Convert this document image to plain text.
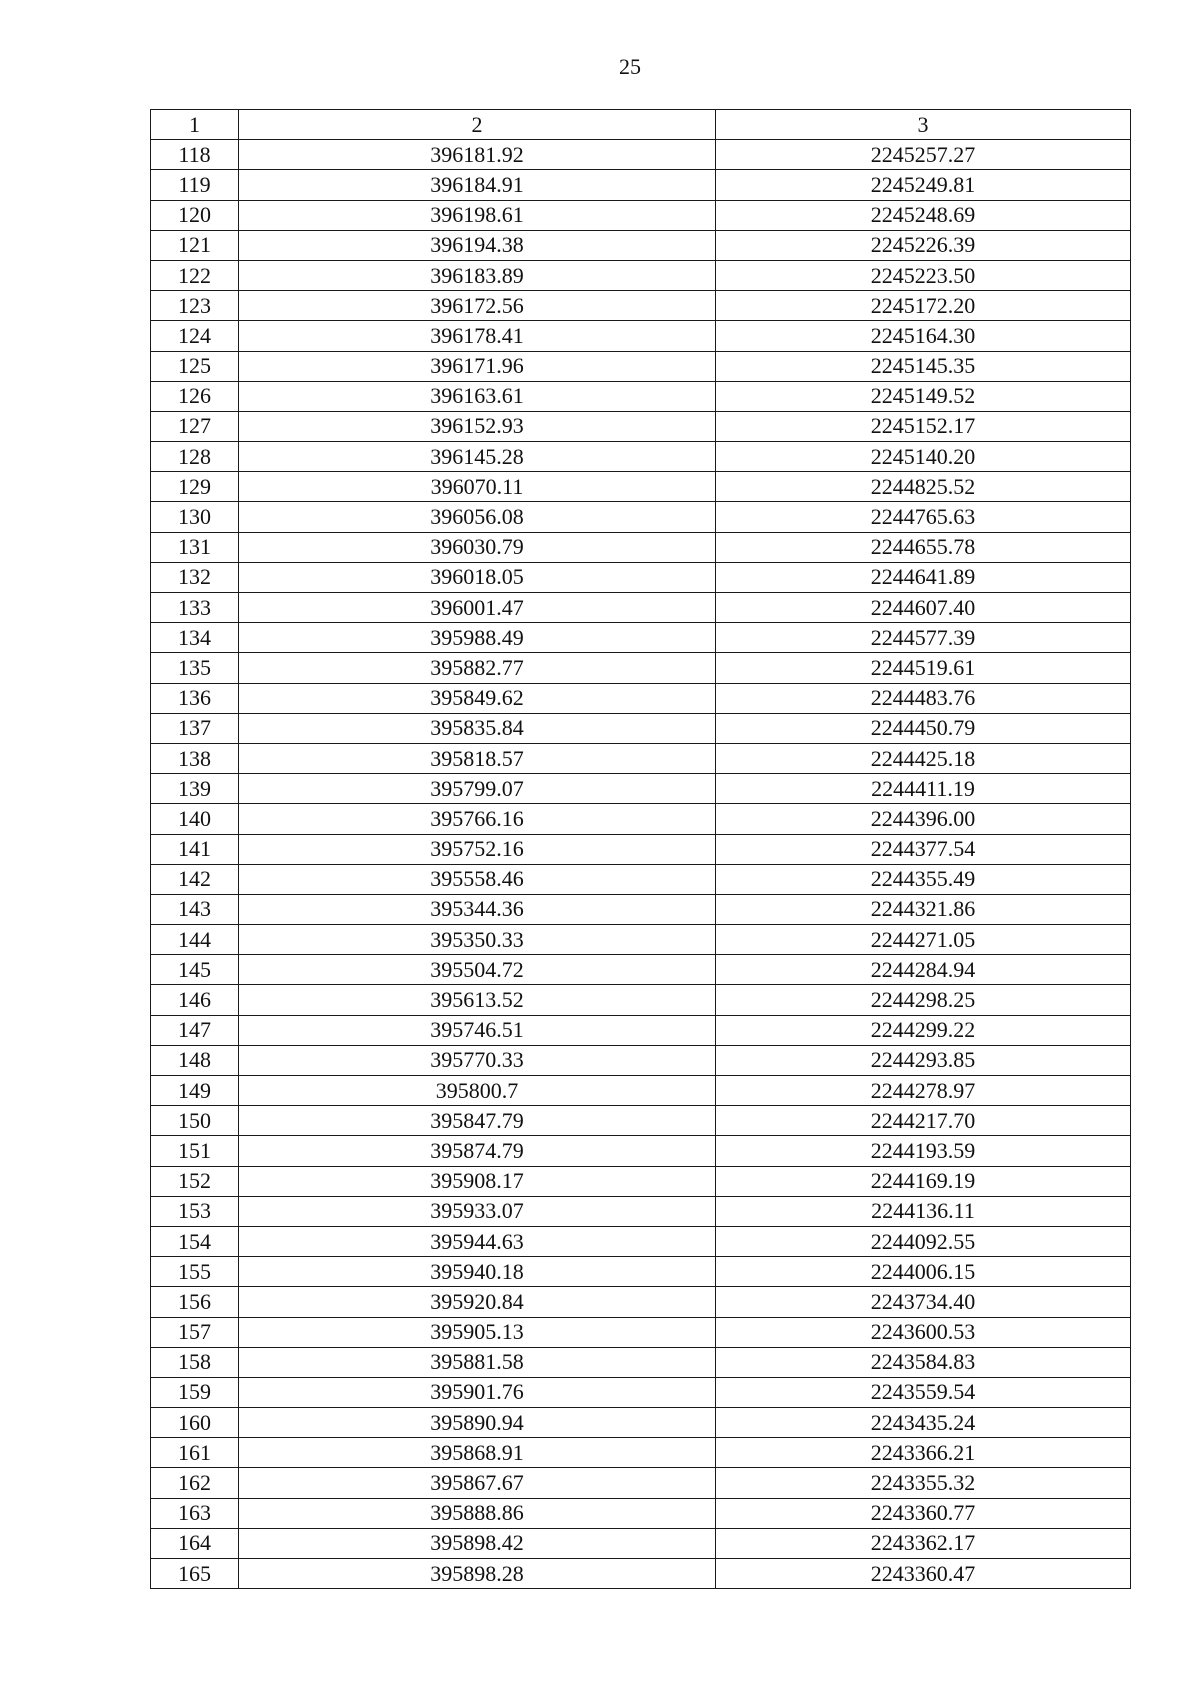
25
1	2	3
118	396181.92	2245257.27
119	396184.91	2245249.81
120	396198.61	2245248.69
121	396194.38	2245226.39
122	396183.89	2245223.50
123	396172.56	2245172.20
124	396178.41	2245164.30
125	396171.96	2245145.35
126	396163.61	2245149.52
127	396152.93	2245152.17
128	396145.28	2245140.20
129	396070.11	2244825.52
130	396056.08	2244765.63
131	396030.79	2244655.78
132	396018.05	2244641.89
133	396001.47	2244607.40
134	395988.49	2244577.39
135	395882.77	2244519.61
136	395849.62	2244483.76
137	395835.84	2244450.79
138	395818.57	2244425.18
139	395799.07	2244411.19
140	395766.16	2244396.00
141	395752.16	2244377.54
142	395558.46	2244355.49
143	395344.36	2244321.86
144	395350.33	2244271.05
145	395504.72	2244284.94
146	395613.52	2244298.25
147	395746.51	2244299.22
148	395770.33	2244293.85
149	395800.7	2244278.97
150	395847.79	2244217.70
151	395874.79	2244193.59
152	395908.17	2244169.19
153	395933.07	2244136.11
154	395944.63	2244092.55
155	395940.18	2244006.15
156	395920.84	2243734.40
157	395905.13	2243600.53
158	395881.58	2243584.83
159	395901.76	2243559.54
160	395890.94	2243435.24
161	395868.91	2243366.21
162	395867.67	2243355.32
163	395888.86	2243360.77
164	395898.42	2243362.17
165	395898.28	2243360.47
